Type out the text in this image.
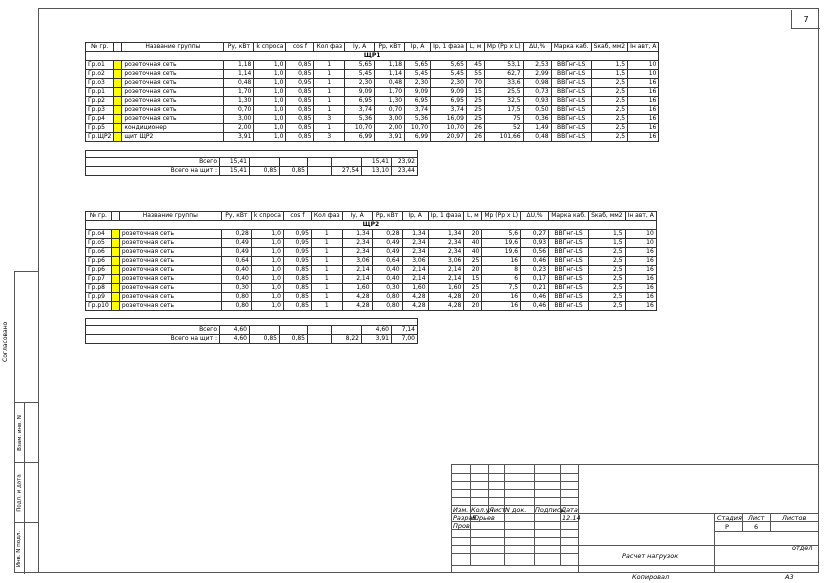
7
Согласовано
Взам. инв. N
Подп. и дата
Инв. N подл.
№ гр.		Название группы	Ру, кВт	k спроса	cos f	Кол фаз	Iу, А	Рр, кВт	Iр, А	Iр, 1 фаза	L, м	Мр (Рр х L)	ΔU,%	Марка каб.	Sкаб, мм2	Iн авт, А
ЩР1																
Гр.о1		розеточная сеть	1,18	1,0	0,85	1	5,65	1,18	5,65	5,65	45	53,1	2,53	ВВГнг-LS	1,5	10
Гр.о2		розеточная сеть	1,14	1,0	0,85	1	5,45	1,14	5,45	5,45	55	62,7	2,99	ВВГнг-LS	1,5	10
Гр.о3		розеточная сеть	0,48	1,0	0,95	1	2,30	0,48	2,30	2,30	70	33,6	0,98	ВВГнг-LS	2,5	16
Гр.р1		розеточная сеть	1,70	1,0	0,85	1	9,09	1,70	9,09	9,09	15	25,5	0,73	ВВГнг-LS	2,5	16
Гр.р2		розеточная сеть	1,30	1,0	0,85	1	6,95	1,30	6,95	6,95	25	32,5	0,93	ВВГнг-LS	2,5	16
Гр.р3		розеточная сеть	0,70	1,0	0,85	1	3,74	0,70	3,74	3,74	25	17,5	0,50	ВВГнг-LS	2,5	16
Гр.р4		розеточная сеть	3,00	1,0	0,85	3	5,36	3,00	5,36	16,09	25	75	0,36	ВВГнг-LS	2,5	16
Гр.р5		кондиционер	2,00	1,0	0,85	1	10,70	2,00	10,70	10,70	26	52	1,49	ВВГнг-LS	2,5	16
Гр.ЩР2		щит ЩР2	3,91	1,0	0,85	3	6,99	3,91	6,99	20,97	26	101,66	0,48	ВВГнг-LS	2,5	16

Всего	15,41					15,41	23,92
Всего на щит :	15,41	0,85	0,85		27,54	13,10	23,44
№ гр.		Название группы	Ру, кВт	k спроса	cos f	Кол фаз	Iу, А	Рр, кВт	Iр, А	Iр, 1 фаза	L, м	Мр (Рр х L)	ΔU,%	Марка каб.	Sкаб, мм2	Iн авт, А
ЩР2																
Гр.о4		розеточная сеть	0,28	1,0	0,95	1	1,34	0,28	1,34	1,34	20	5,6	0,27	ВВГнг-LS	1,5	10
Гр.о5		розеточная сеть	0,49	1,0	0,95	1	2,34	0,49	2,34	2,34	40	19,6	0,93	ВВГнг-LS	1,5	10
Гр.о6		розеточная сеть	0,49	1,0	0,95	1	2,34	0,49	2,34	2,34	40	19,6	0,56	ВВГнг-LS	2,5	16
Гр.р6		розеточная сеть	0,64	1,0	0,95	1	3,06	0,64	3,06	3,06	25	16	0,46	ВВГнг-LS	2,5	16
Гр.р6		розеточная сеть	0,40	1,0	0,85	1	2,14	0,40	2,14	2,14	20	8	0,23	ВВГнг-LS	2,5	16
Гр.р7		розеточная сеть	0,40	1,0	0,85	1	2,14	0,40	2,14	2,14	15	6	0,17	ВВГнг-LS	2,5	16
Гр.р8		розеточная сеть	0,30	1,0	0,85	1	1,60	0,30	1,60	1,60	25	7,5	0,21	ВВГнг-LS	2,5	16
Гр.р9		розеточная сеть	0,80	1,0	0,85	1	4,28	0,80	4,28	4,28	20	16	0,46	ВВГнг-LS	2,5	16
Гр.р10		розеточная сеть	0,80	1,0	0,85	1	4,28	0,80	4,28	4,28	20	16	0,46	ВВГнг-LS	2,5	16

Всего	4,60					4,60	7,14
Всего на щит :	4,60	0,85	0,85		8,22	3,91	7,00
Изм. Кол.уч
Лист N док. Подпись
Дата
Разраб.
Юрьев	12.14
Пров.
Стадия Лист	Листов
Р	6
Расчет нагрузок
отдел
Копировал	А3
